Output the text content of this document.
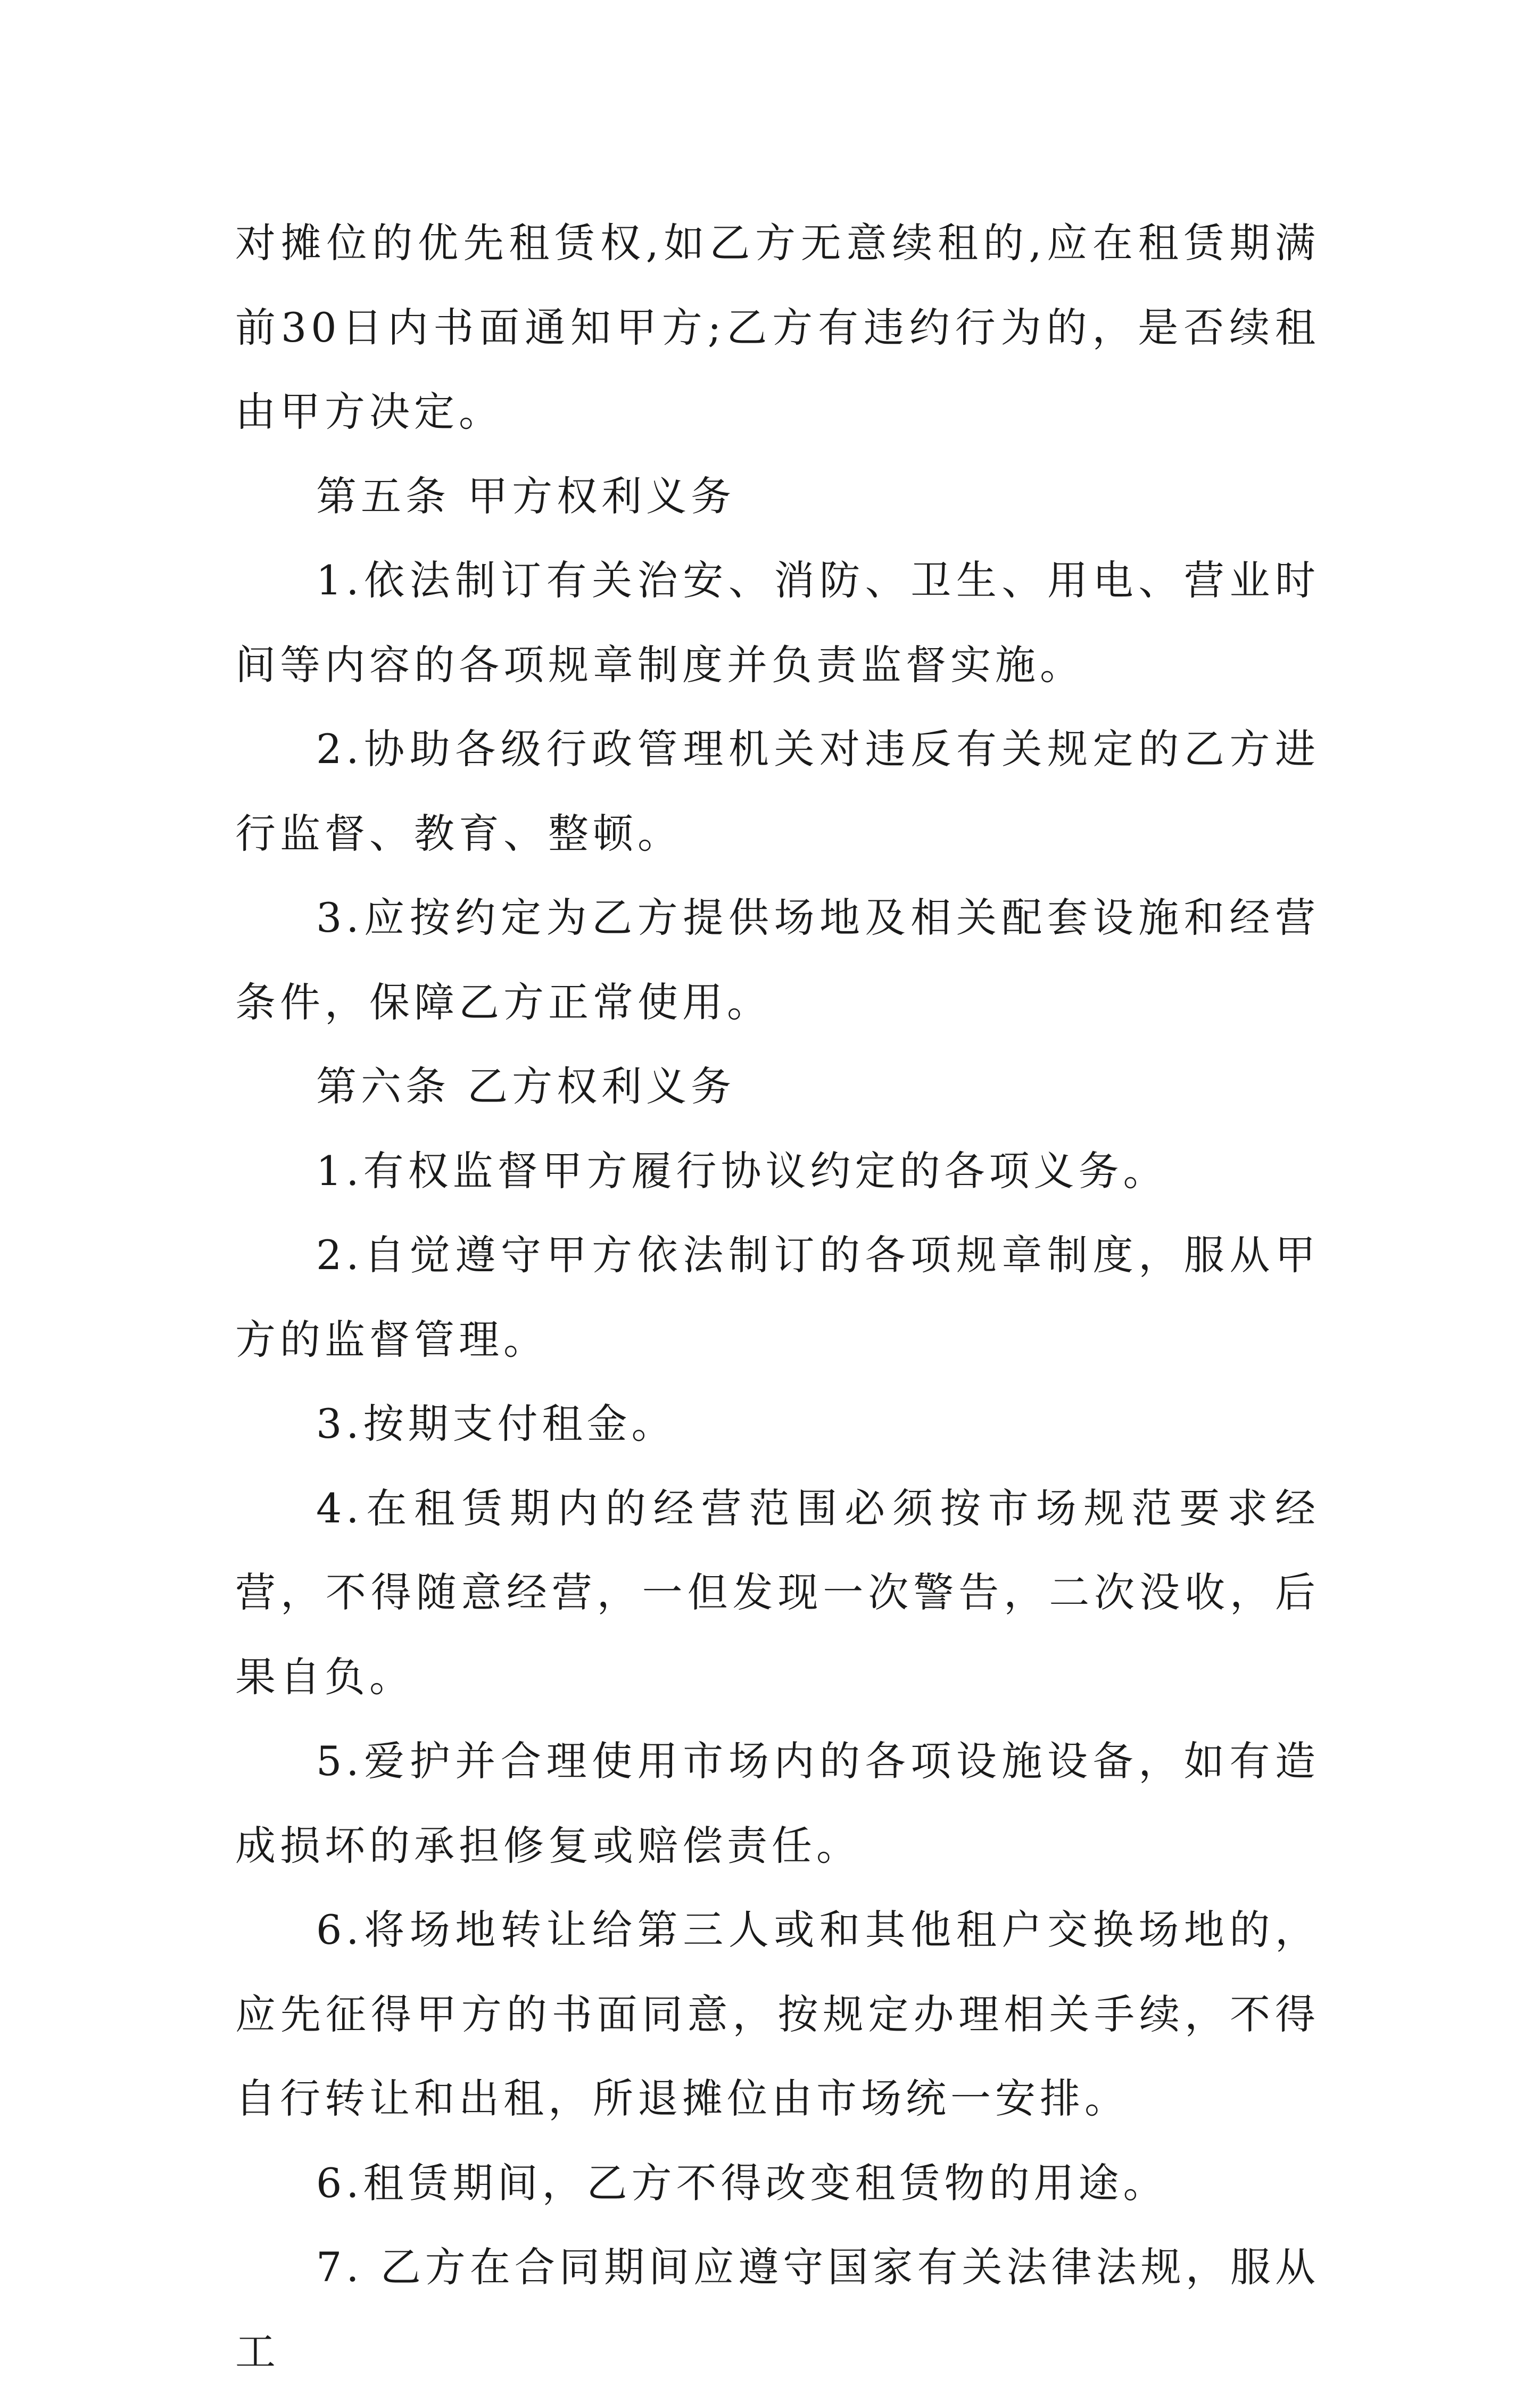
对摊位的优先租赁权,如乙方无意续租的,应在租赁期满前30日内书面通知甲方;乙方有违约行为的，是否续租由甲方决定。

第五条 甲方权利义务

1.依法制订有关治安、消防、卫生、用电、营业时间等内容的各项规章制度并负责监督实施。

2.协助各级行政管理机关对违反有关规定的乙方进行监督、教育、整顿。

3.应按约定为乙方提供场地及相关配套设施和经营条件，保障乙方正常使用。

第六条 乙方权利义务

1.有权监督甲方履行协议约定的各项义务。

2.自觉遵守甲方依法制订的各项规章制度，服从甲方的监督管理。

3.按期支付租金。

4.在租赁期内的经营范围必须按市场规范要求经营，不得随意经营，一但发现一次警告，二次没收，后果自负。

5.爱护并合理使用市场内的各项设施设备，如有造成损坏的承担修复或赔偿责任。

6.将场地转让给第三人或和其他租户交换场地的，应先征得甲方的书面同意，按规定办理相关手续，不得自行转让和出租，所退摊位由市场统一安排。

6.租赁期间，乙方不得改变租赁物的用途。

7. 乙方在合同期间应遵守国家有关法律法规，服从工
